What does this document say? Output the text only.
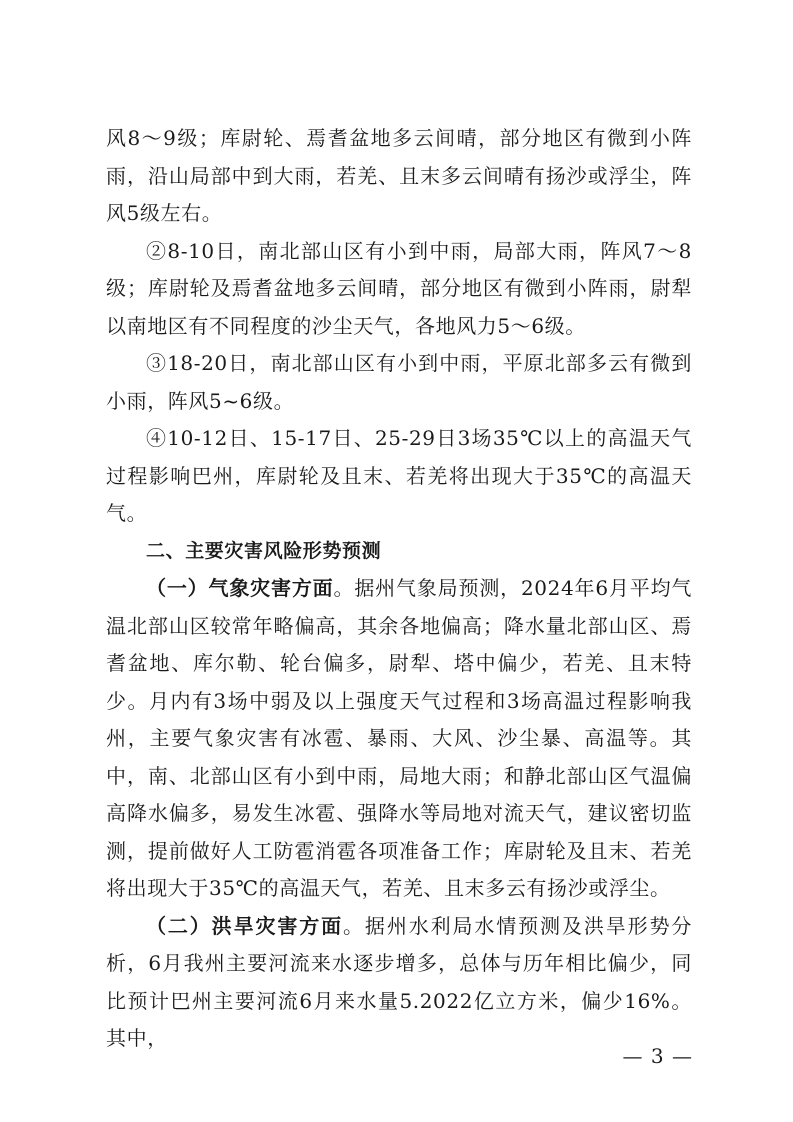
风8～9级；库尉轮、焉耆盆地多云间晴，部分地区有微到小阵雨，沿山局部中到大雨，若羌、且末多云间晴有扬沙或浮尘，阵风5级左右。

②8-10日，南北部山区有小到中雨，局部大雨，阵风7～8级；库尉轮及焉耆盆地多云间晴，部分地区有微到小阵雨，尉犁以南地区有不同程度的沙尘天气，各地风力5～6级。

③18-20日，南北部山区有小到中雨，平原北部多云有微到小雨，阵风5~6级。

④10-12日、15-17日、25-29日3场35℃以上的高温天气过程影响巴州，库尉轮及且末、若羌将出现大于35℃的高温天气。

二、主要灾害风险形势预测

（一）气象灾害方面。据州气象局预测，2024年6月平均气温北部山区较常年略偏高，其余各地偏高；降水量北部山区、焉耆盆地、库尔勒、轮台偏多，尉犁、塔中偏少，若羌、且末特少。月内有3场中弱及以上强度天气过程和3场高温过程影响我州，主要气象灾害有冰雹、暴雨、大风、沙尘暴、高温等。其中，南、北部山区有小到中雨，局地大雨；和静北部山区气温偏高降水偏多，易发生冰雹、强降水等局地对流天气，建议密切监测，提前做好人工防雹消雹各项准备工作；库尉轮及且末、若羌将出现大于35℃的高温天气，若羌、且末多云有扬沙或浮尘。

（二）洪旱灾害方面。据州水利局水情预测及洪旱形势分析，6月我州主要河流来水逐步增多，总体与历年相比偏少，同比预计巴州主要河流6月来水量5.2022亿立方米，偏少16%。其中，

— 3 —
